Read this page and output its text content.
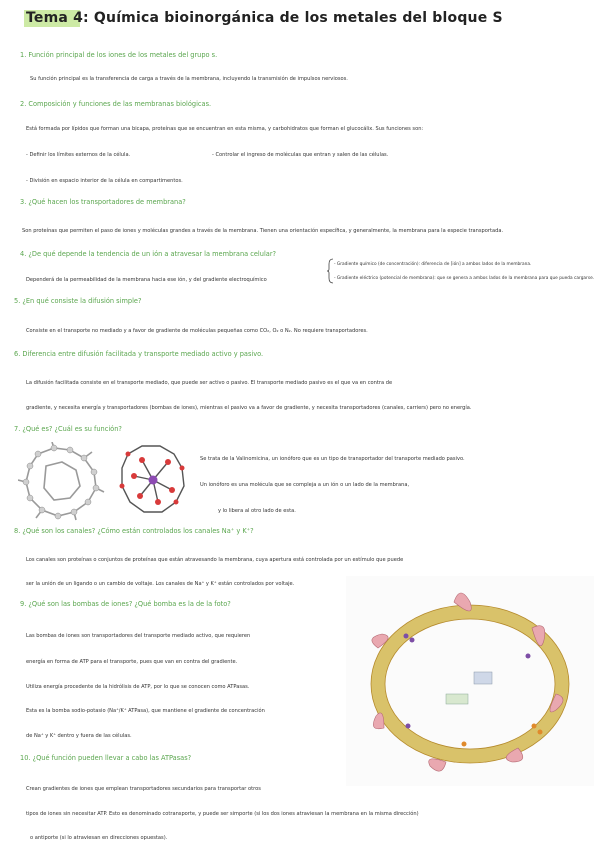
Tema 4: Química bioinorgánica de los metales del bloque S
1. Función principal de los iones de los metales del grupo s.
Su función principal es la transferencia de carga a través de la membrana, incluyendo la transmisión de impulsos nerviosos.
2. Composición y funciones de las membranas biológicas.
Está formada por lípidos que forman una bicapa, proteínas que se encuentran en esta misma, y carbohidratos que forman el glucocálix. Sus funciones son:
- Definir los límites externos de la célula.	- Controlar el ingreso de moléculas que entran y salen de las células.
- División en espacio interior de la célula en compartimentos.
3. ¿Qué hacen los transportadores de membrana?
Son proteínas que permiten el paso de iones y moléculas grandes a través de la membrana. Tienen una orientación específica, y generalmente, la membrana para la especie transportada.
4. ¿De qué depende la tendencia de un ión a atravesar la membrana celular?
Dependerá de la permeabilidad de la membrana hacia ese ión, y del gradiente electroquímico
- Gradiente químico (de concentración): diferencia de [ión] a ambos lados de la membrana.
- Gradiente eléctrico (potencial de membrana): que se genera a ambos lados de la membrana para que pueda cargarse.
5. ¿En qué consiste la difusión simple?
Consiste en el transporte no mediado y a favor de gradiente de moléculas pequeñas como CO₂, O₂ o N₂. No requiere transportadores.
6. Diferencia entre difusión facilitada y transporte mediado activo y pasivo.
La difusión facilitada consiste en el transporte mediado, que puede ser activo o pasivo. El transporte mediado pasivo es el que va en contra de
gradiente, y necesita energía y transportadores (bombas de iones), mientras el pasivo va a favor de gradiente, y necesita transportadores (canales, carriers) pero no energía.
7. ¿Qué es? ¿Cuál es su función?
Se trata de la Valinomicina, un ionóforo que es un tipo de transportador del transporte mediado pasivo.
Un ionóforo es una molécula que se compleja a un ión o un lado de la membrana,
y lo libera al otro lado de esta.
8. ¿Qué son los canales? ¿Cómo están controlados los canales Na⁺ y K⁺?
Los canales son proteínas o conjuntos de proteínas que están atravesando la membrana, cuya apertura está controlada por un estímulo que puede
ser la unión de un ligando o un cambio de voltaje. Los canales de Na⁺ y K⁺ están controlados por voltaje.
9. ¿Qué son las bombas de iones? ¿Qué bomba es la de la foto?
Las bombas de iones son transportadores del transporte mediado activo, que requieren
energía en forma de ATP para el transporte, pues que van en contra del gradiente.
Utiliza energía procedente de la hidrólisis de ATP, por lo que se conocen como ATPasas.
Esta es la bomba sodio-potasio (Na⁺/K⁺ ATPasa), que mantiene el gradiente de concentración
de Na⁺ y K⁺ dentro y fuera de las células.
10. ¿Qué función pueden llevar a cabo las ATPasas?
Crean gradientes de iones que emplean transportadores secundarios para transportar otros
tipos de iones sin necesitar ATP. Esto es denominado cotransporte, y puede ser simporte (si los dos iones atraviesan la membrana en la misma dirección)
o antiporte (si lo atraviesan en direcciones opuestas).
